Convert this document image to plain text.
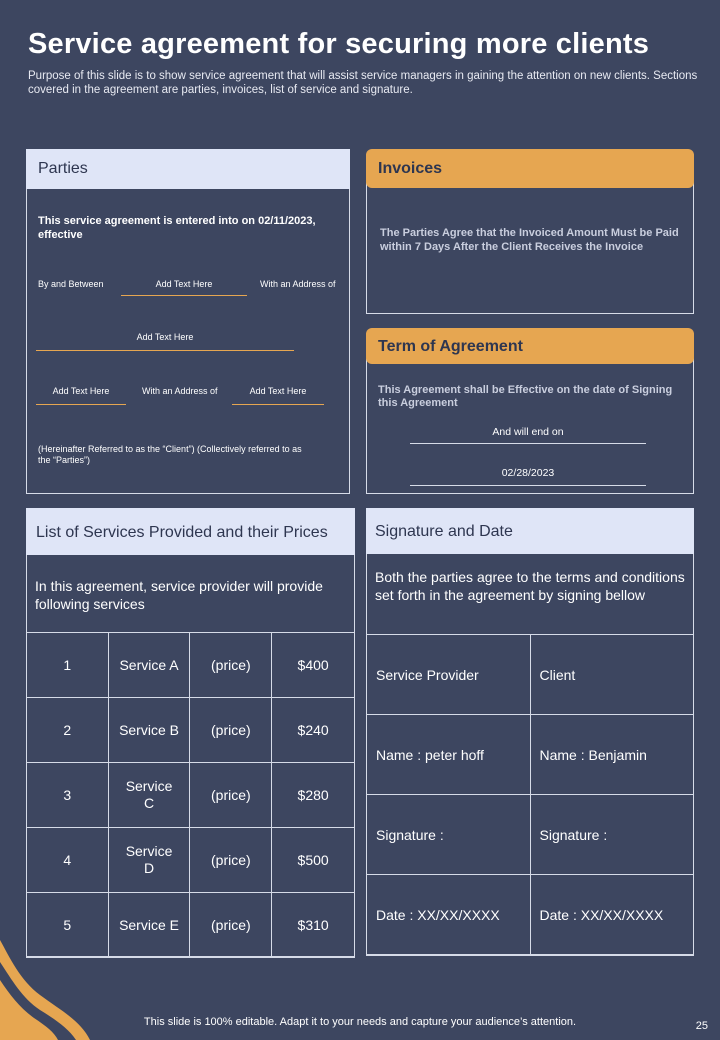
Service agreement for securing more clients
Purpose of this slide is to show service agreement that will assist service managers in gaining the attention on new clients. Sections covered in the agreement are parties, invoices, list of service and signature.
Parties
This service agreement is entered into on 02/11/2023, effective
By and Between	Add Text Here	With an Address of
Add Text Here
Add Text Here	With an Address of	Add Text Here
(Hereinafter Referred to as the “Client”) (Collectively referred to as the “Parties”)
Invoices
The Parties Agree that the Invoiced Amount Must be Paid within 7 Days After the Client Receives the Invoice
Term of Agreement
This Agreement shall be Effective on the date of Signing this Agreement
And will end on
02/28/2023
List of Services Provided and their Prices
In this agreement, service provider will provide following services
1	Service A	(price)	$400
2	Service B	(price)	$240
3	Service C	(price)	$280
4	Service D	(price)	$500
5	Service E	(price)	$310
Signature and Date
Both the parties agree to the terms and conditions set forth in the agreement by signing bellow
Service Provider	Client
Name : peter hoff	Name : Benjamin
Signature :	Signature :
Date : XX/XX/XXXX	Date : XX/XX/XXXX
This slide is 100% editable. Adapt it to your needs and capture your audience’s attention.	25
